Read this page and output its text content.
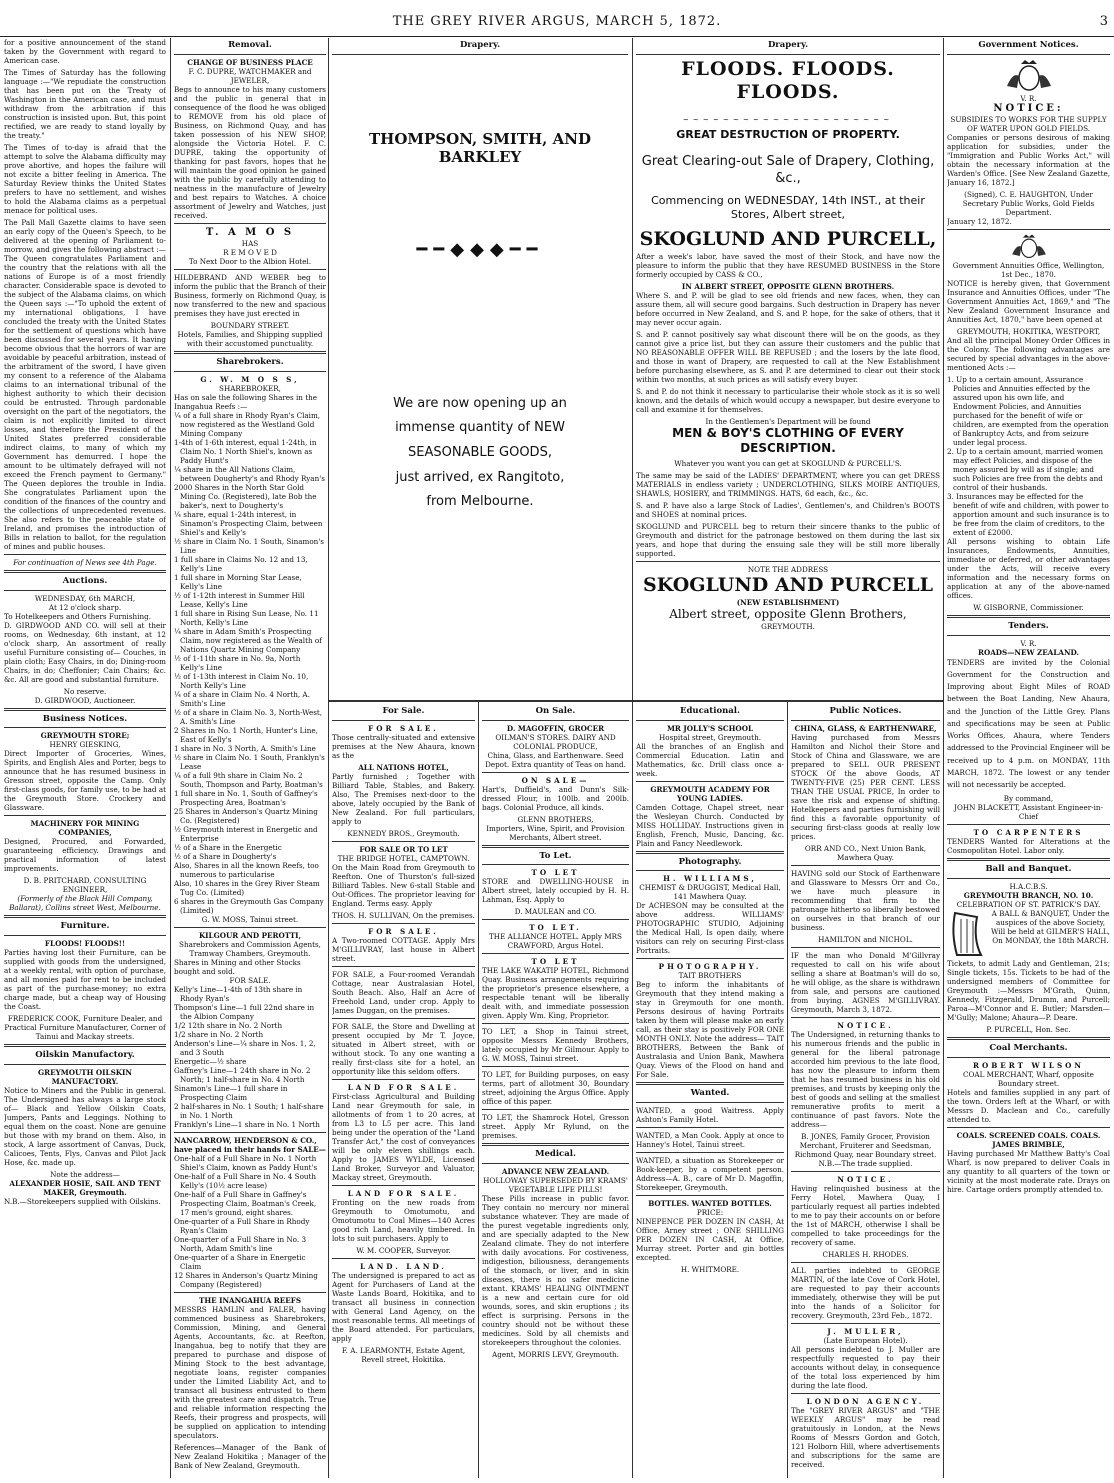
THE GREY RIVER ARGUS, MARCH 5, 1872.	3

for a positive announcement of the stand taken by the Government with regard to American case.

The Times of Saturday has the following language :—"We repudiate the construction that has been put on the Treaty of Washington in the American case, and must withdraw from the arbitration if this construction is insisted upon. But, this point rectified, we are ready to stand loyally by the treaty."

The Times of to-day is afraid that the attempt to solve the Alabama difficulty may prove abortive, and hopes the failure will not excite a bitter feeling in America. The Saturday Review thinks the United States prefers to have no settlement, and wishes to hold the Alabama claims as a perpetual menace for political uses.

The Pall Mall Gazette claims to have seen an early copy of the Queen's Speech, to be delivered at the opening of Parliament to-morrow, and gives the following abstract :—The Queen congratulates Parliament and the country that the relations with all the nations of Europe is of a most friendly character. Considerable space is devoted to the subject of the Alabama claims, on which the Queen says :—"To uphold the extent of my international obligations, I have concluded the treaty with the United States for the settlement of questions which have been discussed for several years. It having become obvious that the horrors of war are avoidable by peaceful arbitration, instead of the arbitrament of the sword, I have given my consent to a reference of the Alabama claims to an international tribunal of the highest authority to which their decision could be entrusted. Through pardonable oversight on the part of the negotiators, the claim is not explicitly limited to direct losses, and therefore the President of the United States preferred considerable indirect claims, to many of which my Government has demurred. I hope the amount to be ultimately defrayed will not exceed the French payment to Germany." The Queen deplores the trouble in India. She congratulates Parliament upon the condition of the finances of the country and the collections of unprecedented revenues. She also refers to the peaceable state of Ireland, and promises the introduction of Bills in relation to ballot, for the regulation of mines and public houses.

For continuation of News see 4th Page.
Auctions.
WEDNESDAY, 6th MARCH,
At 12 o'clock sharp.
To Hotelkeepers and Others Furnishing.

D. GIRDWOOD AND CO. will sell at their rooms, on Wednesday, 6th instant, at 12 o'clock sharp, An assortment of really useful Furniture consisting of— Couches, in plain cloth; Easy Chairs, in do; Dining-room Chairs, in do; Cheffonier; Cain Chairs; &c. &c. All are good and substantial furniture.

No reserve.
D. GIRDWOOD, Auctioneer.
Business Notices.
GREYMOUTH STORE;
HENRY GIESKING,

Direct Importer of Groceries, Wines, Spirits, and English Ales and Porter, begs to announce that he has resumed business in Gresson street, opposite the Camp. Only first-class goods, for family use, to be had at the Greymouth Store. Crockery and Glassware.

MACHINERY FOR MINING COMPANIES,

Designed, Procured, and Forwarded, guaranteeing efficiency. Drawings and practical information of latest improvements.

D. B. PRITCHARD, CONSULTING ENGINEER,
(Formerly of the Black Hill Company, Ballarat), Collins street West, Melbourne.
Furniture.
FLOODS! FLOODS!!

Parties having lost their Furniture, can be supplied with goods from the undersigned, at a weekly rental, with option of purchase, and all monies paid for rent to be included as part of the purchase-money; no extra charge made, but a cheap way of Housing the Coast.

FREDERICK COOK, Furniture Dealer, and Practical Furniture Manufacturer, Corner of Tainui and Mackay streets.
Oilskin Manufactory.
GREYMOUTH OILSKIN MANUFACTORY.

Notice to Miners and the Public in general. The Undersigned has always a large stock of— Black and Yellow Oilskin Coats, Jumpers, Pants and Leggings. Nothing to equal them on the coast. None are genuine but those with my brand on them. Also, in stock, A large assortment of Canvas, Duck, Calicoes, Tents, Flys, Canvas and Pilot Jack Hose, &c. made up.

Note the address—
ALEXANDER HOSIE, SAIL AND TENT MAKER, Greymouth.
N.B.—Storekeepers supplied with Oilskins.
Removal.
CHANGE OF BUSINESS PLACE
F. C. DUPRE, WATCHMAKER and JEWELER,

Begs to announce to his many customers and the public in general that in consequence of the flood he was obliged to REMOVE from his old place of Business, on Richmond Quay, and has taken possession of his NEW SHOP, alongside the Victoria Hotel. F. C. DUPRE, taking the opportunity of thanking for past favors, hopes that he will maintain the good opinion he gained with the public by carefully attending to neatness in the manufacture of Jewelry and best repairs to Watches. A choice assortment of Jewelry and Watches, just received.

T. A M O S
HAS
R E M O V E D
To Next Door to the Albion Hotel.

HILDEBRAND AND WEBER beg to inform the public that the Branch of their Business, formerly on Richmond Quay, is now transferred to the new and spacious premises they have just erected in

BOUNDARY STREET.
Hotels, Families, and Shipping supplied with their accustomed punctuality.
Sharebrokers.
G. W. M O S S,
SHAREBROKER,
Has on sale the following Shares in the Inangahua Reefs :—
¼ of a full share in Rhody Ryan's Claim, now registered as the Westland Gold Mining Company
1-4th of 1-6th interest, equal 1-24th, in Claim No. 1 North Shiel's, known as Paddy Hunt's
¼ share in the All Nations Claim, between Dougherty's and Rhody Ryan's
2000 Shares in the North Star Gold Mining Co. (Registered), late Bob the baker's, next to Dougherty's
¼ share, equal 1-24th interest, in Sinamon's Prospecting Claim, between Shiel's and Kelly's
½ share in Claim No. 1 South, Sinamon's Line
1 full share in Claims No. 12 and 13, Kelly's Line
1 full share in Morning Star Lease, Kelly's Line
½ of 1-12th interest in Summer Hill Lease, Kelly's Line
1 full share in Rising Sun Lease, No. 11 North, Kelly's Line
¼ share in Adam Smith's Prospecting Claim, now registered as the Wealth of Nations Quartz Mining Company
½ of 1-11th share in No. 9a, North Kelly's Line
½ of 1-13th interest in Claim No. 10, North Kelly's Line
¼ of a share in Claim No. 4 North, A. Smith's Line
½ of a share in Claim No. 3, North-West, A. Smith's Line
2 Shares in No. 1 North, Hunter's Line, East of Kelly's
1 share in No. 3 North, A. Smith's Line
½ share in Claim No. 1 South, Franklyn's Lease
¼ of a full 9th share in Claim No. 2 South, Thompson and Party, Boatman's
1 full share in No. 1, South of Gaffney's Prospecting Area, Boatman's
25 Shares in Anderson's Quartz Mining Co. (Registered)
½ Greymouth interest in Energetic and Enterprise
½ of a Share in the Energetic
½ of a Share in Dougherty's
Also, Shares in all the known Reefs, too numerous to particularise
Also, 10 shares in the Grey River Steam Tug Co. (Limited)
6 shares in the Greymouth Gas Company (Limited)
G. W. MOSS, Tainui street.
KILGOUR AND PEROTTI,
Sharebrokers and Commission Agents, Tramway Chambers, Greymouth.
Shares in Mining and other Stocks bought and sold.
FOR SALE.
Kelly's Line—1-4th of 13th share in Rhody Ryan's
Thompson's Line—1 full 22nd share in the Albion Company
1/2 12th share in No. 2 North
1/2 share in No. 2 North
Anderson's Line—¼ share in Nos. 1, 2, and 3 South
Energetic—½ share
Gaffney's Line—1 24th share in No. 2 North; 1 half-share in No. 4 North
Sinamon's Line—1 full share in Prospecting Claim
2 half-shares in No. 1 South; 1 half-share in No. 1 North
Franklyn's Line—1 share in No. 1 North
NANCARROW, HENDERSON & CO., have placed in their hands for SALE—
One-half of a Full Share in No. 1 North Shiel's Claim, known as Paddy Hunt's
One-half of a Full Share in No. 4 South Kelly's (10½ acre lease)
One-half of a Full Share in Gaffney's Prospecting Claim, Boatman's Creek, 17 men's ground, eight shares.
One-quarter of a Full Share in Rhody Ryan's Claim
One-quarter of a Full Share in No. 3 North, Adam Smith's line
One-quarter of a Share in Energetic Claim
12 Shares in Anderson's Quartz Mining Company (Registered)
THE INANGAHUA REEFS

MESSRS HAMLIN and FALER, having commenced business as Sharebrokers, Commission, Mining, and General Agents, Accountants, &c. at Reefton, Inangahua, beg to notify that they are prepared to purchase and dispose of Mining Stock to the best advantage, negotiate loans, register companies under the Limited Liability Act, and to transact all business entrusted to them with the greatest care and dispatch. True and reliable information respecting the Reefs, their progress and prospects, will be supplied on application to intending speculators.

References—Manager of the Bank of New Zealand Hokitika ; Manager of the Bank of New Zealand, Greymouth.

Drapery.
THOMPSON, SMITH, AND BARKLEY
━━◆◆◆━━
We are now opening up an
immense quantity of NEW
SEASONABLE GOODS,
just arrived, ex Rangitoto,
from Melbourne.
Drapery.
FLOODS. FLOODS. FLOODS.
~~~~~~~~~~~~~~~~~~~~~
GREAT DESTRUCTION OF PROPERTY.
Great Clearing-out Sale of Drapery, Clothing, &c.,
Commencing on WEDNESDAY, 14th INST., at their Stores, Albert street,
SKOGLUND AND PURCELL,

After a week's labor, have saved the most of their Stock, and have now the pleasure to inform the public that they have RESUMED BUSINESS in the Store formerly occupied by CASS & CO.,

IN ALBERT STREET, OPPOSITE GLENN BROTHERS.

Where S. and P. will be glad to see old friends and new faces, when, they can assure them, all will secure good bargains. Such destruction in Drapery has never before occurred in New Zealand, and S. and P. hope, for the sake of others, that it may never occur again.

S. and P. cannot positively say what discount there will be on the goods, as they cannot give a price list, but they can assure their customers and the public that NO REASONABLE OFFER WILL BE REFUSED ; and the losers by the late flood, and those in want of Drapery, are requested to call at the New Establishment before purchasing elsewhere, as S. and P. are determined to clear out their stock within two months, at such prices as will satisfy every buyer.

S. and P. do not think it necessary to particularise their whole stock as it is so well known, and the details of which would occupy a newspaper, but desire everyone to call and examine it for themselves.

In the Gentlemen's Department will be found
MEN & BOY'S CLOTHING OF EVERY DESCRIPTION.
Whatever you want you can get at SKOGLUND & PURCELL'S.

The same may be said of the LADIES' DEPARTMENT, where you can get DRESS MATERIALS in endless variety ; UNDERCLOTHING, SILKS MOIRE ANTIQUES, SHAWLS, HOSIERY, and TRIMMINGS. HATS, 6d each, &c., &c.

S. and P. have also a large Stock of Ladies', Gentlemen's, and Children's BOOTS and SHOES at nominal prices.

SKOGLUND and PURCELL beg to return their sincere thanks to the public of Greymouth and district for the patronage bestowed on them during the last six years, and hope that during the ensuing sale they will be still more liberally supported.

NOTE THE ADDRESS
SKOGLUND AND PURCELL
(NEW ESTABLISHMENT)
Albert street, opposite Glenn Brothers,
GREYMOUTH.
For Sale.
FOR SALE.

Those centrally-situated and extensive premises at the New Ahaura, known as the

ALL NATIONS HOTEL,

Partly furnished ; Together with Billiard Table, Stables, and Bakery. Also, The Premises next-door to the above, lately occupied by the Bank of New Zealand. For full particulars, apply to

KENNEDY BROS., Greymouth.
FOR SALE OR TO LET
THE BRIDGE HOTEL, CAMPTOWN.

On the Main Road from Greymouth to Reefton. One of Thurston's full-sized Billiard Tables. New 6-stall Stable and Out-Offices. The proprietor leaving for England. Terms easy. Apply

THOS. H. SULLIVAN, On the premises.
FOR SALE.

A Two-roomed COTTAGE. Apply Mrs M'GILLIVRAY, last house in Albert street.

FOR SALE, a Four-roomed Verandah Cottage, near Australasian Hotel, South Beach. Also, Half an Acre of Freehold Land, under crop. Apply to James Duggan, on the premises.

FOR SALE, the Store and Dwelling at present occupied by Mr T. Joyce, situated in Albert street, with or without stock. To any one wanting a really first-class site for a hotel, an opportunity like this seldom offers.

LAND FOR SALE.

First-class Agricultural and Building Land near Greymouth for sale, in allotments of from 1 to 20 acres, at from L3 to L5 per acre. This land being under the operation of the "Land Transfer Act," the cost of conveyances will be only eleven shillings each. Apply to JAMES WYLDE, Licensed Land Broker, Surveyor and Valuator, Mackay street, Greymouth.

LAND FOR SALE.

Fronting on the new roads from Greymouth to Omotumotu, and Omotumotu to Coal Mines—140 Acres good rich Land, heavily timbered. In lots to suit purchasers. Apply to

W. M. COOPER, Surveyor.
LAND. LAND.

The undersigned is prepared to act as Agent for Purchasers of Land at the Waste Lands Board, Hokitika, and to transact all business in connection with General Land Agency, on the most reasonable terms. All meetings of the Board attended. For particulars, apply

F. A. LEARMONTH, Estate Agent, Revell street, Hokitika.
On Sale.
D. MAGOFFIN, GROCER
OILMAN'S STORES. DAIRY AND COLONIAL PRODUCE,
China, Glass, and Earthenware. Seed Depot. Extra quantity of Teas on hand.
ON SALE—

Hart's, Duffield's, and Dunn's Silk-dressed Flour, in 100lb. and 200lb. bags. Colonial Produce, all kinds.

GLENN BROTHERS,
Importers, Wine, Spirit, and Provision Merchants, Albert street.
To Let.
TO LET

STORE and DWELLING-HOUSE in Albert street, lately occupied by H. H. Lahman, Esq. Apply to

D. MAULEAN and CO.
TO LET.
THE ALLIANCE HOTEL. Apply MRS CRAWFORD, Argus Hotel.
TO LET

THE LAKE WAKATIP HOTEL, Richmond Quay. Business arrangements requiring the proprietor's presence elsewhere, a respectable tenant will be liberally dealt with, and immediate possession given. Apply Wm. King, Proprietor.

TO LET, a Shop in Tainui street, opposite Messrs Kennedy Brothers, lately occupied by Mr Gilmour. Apply to G. W. MOSS, Tainui street.

TO LET, for Building purposes, on easy terms, part of allotment 30, Boundary street, adjoining the Argus Office. Apply office of this paper.

TO LET, the Shamrock Hotel, Gresson street. Apply Mr Rylund, on the premises.

Medical.
ADVANCE NEW ZEALAND.
HOLLOWAY SUPERSEDED BY KRAMS' VEGETABLE LIFE PILLS!

These Pills increase in public favor. They contain no mercury nor mineral substance whatever. They are made of the purest vegetable ingredients only, and are specially adapted to the New Zealand climate. They do not interfere with daily avocations. For costiveness, indigestion, biliousness, derangements of the stomach, or liver, and in skin diseases, there is no safer medicine extant. KRAMS' HEALING OINTMENT is a new and certain cure for old wounds, sores, and skin eruptions ; its effect is surprising. Persons in the country should not be without these medicines. Sold by all chemists and storekeepers throughout the colonies.

Agent, MORRIS LEVY, Greymouth.
Educational.
MR JOLLY'S SCHOOL
Hospital street, Greymouth.

All the branches of an English and Commercial Education. Latin and Mathematics, &c. Drill class once a-week.

GREYMOUTH ACADEMY FOR YOUNG LADIES.

Camden Cottage, Chapel street, near the Wesleyan Church. Conducted by MISS HOLLIDAY. Instructions given in English, French, Music, Dancing, &c. Plain and Fancy Needlework.

Photography.
H. WILLIAMS,
CHEMIST & DRUGGIST, Medical Hall, 141 Mawhera Quay.

Dr ACHESON may be consulted at the above address. WILLIAMS' PHOTOGRAPHIC STUDIO, Adjoining the Medical Hall, Is open daily, where visitors can rely on securing First-class Portraits.

PHOTOGRAPHY.
TAIT BROTHERS

Beg to inform the inhabitants of Greymouth that they intend making a stay in Greymouth for one month. Persons desirous of having Portraits taken by them will please make an early call, as their stay is positively FOR ONE MONTH ONLY. Note the address— TAIT BROTHERS, Between the Bank of Australasia and Union Bank, Mawhera Quay. Views of the Flood on hand and For Sale.

Wanted.

WANTED, a good Waitress. Apply Ashton's Family Hotel.

WANTED, a Man Cook. Apply at once to Hanney's Hotel, Tainui street.

WANTED, a situation as Storekeeper or Book-keeper, by a competent person. Address—A. B., care of Mr D. Magoffin, Storekeeper, Greymouth.

BOTTLES. WANTED BOTTLES.
PRICE:

NINEPENCE PER DOZEN IN CASH, At Office, Arney street ; ONE SHILLING PER DOZEN IN CASH, At Office, Murray street. Porter and gin bottles excepted.

H. WHITMORE.
Public Notices.
CHINA, GLASS, & EARTHENWARE,

Having purchased from Messrs Hamilton and Nichol their Store and Stock of China and Glassware, we are prepared to SELL OUR PRESENT STOCK Of the above Goods, AT TWENTY-FIVE (25) PER CENT. LESS THAN THE USUAL PRICE, In order to save the risk and expense of shifting. Hotelkeepers and parties furnishing will find this a favorable opportunity of securing first-class goods at really low prices.

ORR AND CO., Next Union Bank, Mawhera Quay.

HAVING sold our Stock of Earthenware and Glassware to Messrs Orr and Co., we have much pleasure in recommending that firm to the patronage hitherto so liberally bestowed on ourselves in that branch of our business.

HAMILTON and NICHOL.

IF the man who Donald M'Gillvray requested to call on his wife about selling a share at Boatman's will do so, he will oblige, as the share is withdrawn from sale, and persons are cautioned from buying. AGNES M'GILLIVRAY. Greymouth, March 3, 1872.

NOTICE.

The Undersigned, in returning thanks to his numerous friends and the public in general for the liberal patronage accorded him previous to the late flood, has now the pleasure to inform them that he has resumed business in his old premises, and trusts by keeping only the best of goods and selling at the smallest remunerative profits to merit a continuance of past favors. Note the address—

B. JONES, Family Grocer, Provision Merchant, Fruiterer and Seedsman, Richmond Quay, near Boundary street. N.B.—The trade supplied.
NOTICE.

Having relinquished business at the Ferry Hotel, Mawhera Quay, I particularly request all parties indebted to me to pay their accounts on or before the 1st of MARCH, otherwise I shall be compelled to take proceedings for the recovery of same.

CHARLES H. RHODES.

ALL parties indebted to GEORGE MARTIN, of the late Cove of Cork Hotel, are requested to pay their accounts immediately, otherwise they will be put into the hands of a Solicitor for recovery. Greymouth, 23rd Feb., 1872.

J. MULLER,
(Late European Hotel).

All persons indebted to J. Muller are respectfully requested to pay their accounts without delay, in consequence of the total loss experienced by him during the late flood.

LONDON AGENCY.

The "GREY RIVER ARGUS" and "THE WEEKLY ARGUS" may be read gratuitously in London, at the News Rooms of Messrs Gordon and Gotch, 121 Holborn Hill, where advertisements and subscriptions for the same are received.

Government Notices.
V. R.
NOTICE:
SUBSIDIES TO WORKS FOR THE SUPPLY OF WATER UPON GOLD FIELDS.

Companies or persons desirous of making application for subsidies, under the "Immigration and Public Works Act," will obtain the necessary information at the Warden's Office. [See New Zealand Gazette, January 16, 1872.]

(Signed), C. E. HAUGHTON, Under Secretary Public Works, Gold Fields Department.
January 12, 1872.
Government Annuities Office, Wellington, 1st Dec., 1870.

NOTICE is hereby given, that Government Insurance and Annuities Offices, under "The Government Annuities Act, 1869," and "The New Zealand Government Insurance and Annuities Act, 1870," have been opened at

GREYMOUTH, HOKITIKA, WESTPORT,

And all the principal Money Order Offices in the Colony. The following advantages are secured by special advantages in the above-mentioned Acts :—

1. Up to a certain amount, Assurance Policies and Annuities effected by the assured upon his own life, and Endowment Policies, and Annuities purchased for the benefit of wife or children, are exempted from the operation of Bankruptcy Acts, and from seizure under legal process.
2. Up to a certain amount, married women may effect Policies, and dispose of the money assured by will as if single; and such Policies are free from the debts and control of their husbands.
3. Insurances may be effected for the benefit of wife and children, with power to apportion amount and such insurance is to be free from the claim of creditors, to the extent of £2000.

All persons wishing to obtain Life Insurances, Endowments, Annuities, immediate or deferred, or other advantages under the Acts, will receive every information and the necessary forms on application at any of the above-named offices.

W. GISBORNE, Commissioner.
Tenders.
V. R.
ROADS—NEW ZEALAND.

TENDERS are invited by the Colonial Government for the Construction and Improving about Eight Miles of ROAD between the Boat Landing, New Ahaura, and the Junction of the Little Grey. Plans and specifications may be seen at Public Works Offices, Ahaura, where Tenders addressed to the Provincial Engineer will be received up to 4 p.m. on MONDAY, 11th MARCH, 1872. The lowest or any tender will not necessarily be accepted.

By command,
JOHN BLACKETT, Assistant Engineer-in-Chief
TO CARPENTERS

TENDERS Wanted for Alterations at the Cosmopolitan Hotel. Labor only.

Ball and Banquet.
H.A.C.B.S.
GREYMOUTH BRANCH, NO. 10.
CELEBRATION OF ST. PATRICK'S DAY.

A BALL & BANQUET, Under the auspices of the above Society, Will be held at GILMER'S HALL, On MONDAY, the 18th MARCH.

Tickets, to admit Lady and Gentleman, 21s; Single tickets, 15s. Tickets to be had of the undersigned members of Committee for Greymouth :—Messrs M'Grath, Quinn, Kennedy, Fitzgerald, Drumm, and Purcell; Paroa—M'Connor and E. Butler; Marsden—M'Gully; Malone; Ahaura—P. Deare.

P. PURCELL, Hon. Sec.
Coal Merchants.
ROBERT WILSON
COAL MERCHANT, Wharf, opposite Boundary street.

Hotels and families supplied in any part of the town. Orders left at the Wharf, or with Messrs D. Maclean and Co., carefully attended to.

COALS. SCREENED COALS. COALS.
JAMES BRIMBLE,

Having purchased Mr Matthew Batty's Coal Wharf, is now prepared to deliver Coals in any quantity to all quarters of the town or vicinity at the most moderate rate. Drays on hire. Cartage orders promptly attended to.
